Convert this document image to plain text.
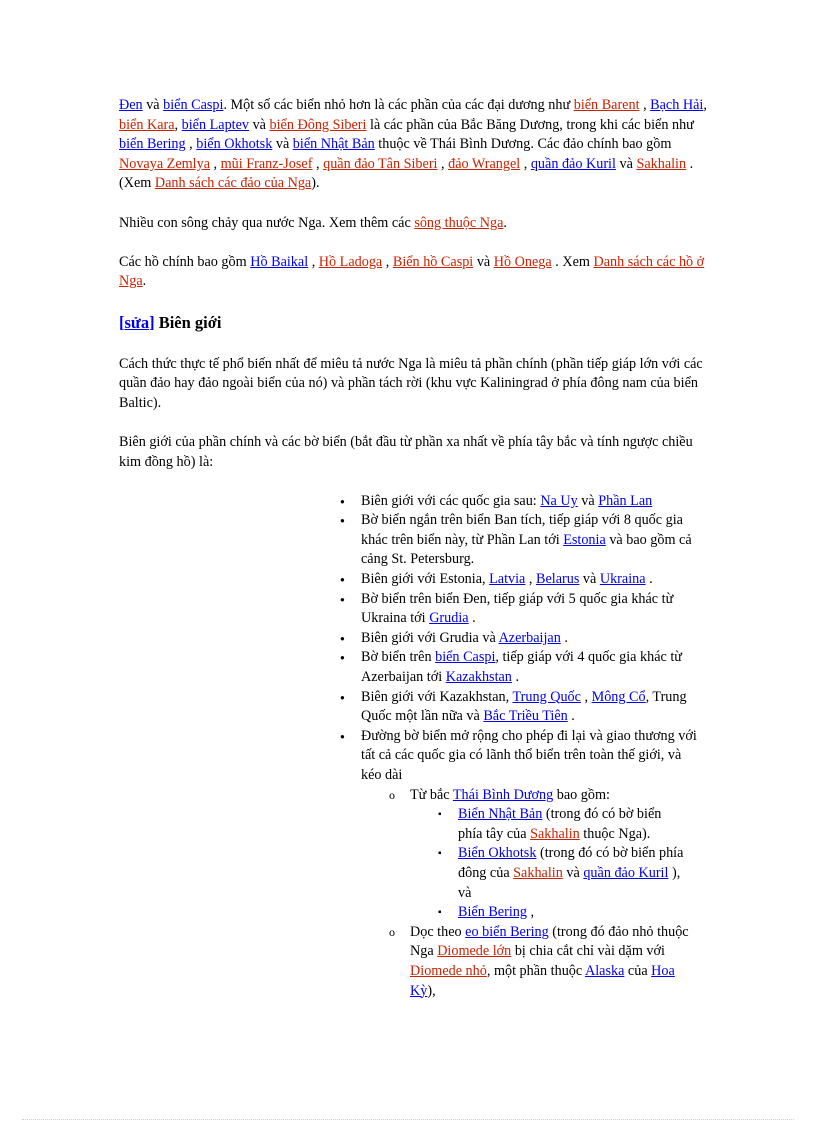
Đen và biển Caspi. Một số các biển nhỏ hơn là các phần của các đại dương như biển Barent , Bạch Hải, biển Kara, biển Laptev và biển Đông Siberi là các phần của Bắc Băng Dương, trong khi các biển như biển Bering , biển Okhotsk và biển Nhật Bản thuộc về Thái Bình Dương. Các đảo chính bao gồm Novaya Zemlya , mũi Franz-Josef , quần đảo Tân Siberi , đảo Wrangel , quần đảo Kuril và Sakhalin . (Xem Danh sách các đảo của Nga).

Nhiều con sông chảy qua nước Nga. Xem thêm các sông thuộc Nga.

Các hồ chính bao gồm Hồ Baikal , Hồ Ladoga , Biển hồ Caspi và Hồ Onega . Xem Danh sách các hồ ở Nga.

[sửa] Biên giới

Cách thức thực tế phổ biến nhất để miêu tả nước Nga là miêu tả phần chính (phần tiếp giáp lớn với các quần đảo hay đảo ngoài biển của nó) và phần tách rời (khu vực Kaliningrad ở phía đông nam của biển Baltic).

Biên giới của phần chính và các bờ biển (bắt đầu từ phần xa nhất về phía tây bắc và tính ngược chiều kim đồng hồ) là:

● Biên giới với các quốc gia sau: Na Uy và Phần Lan
● Bờ biển ngắn trên biển Ban tích, tiếp giáp với 8 quốc gia khác trên biển này, từ Phần Lan tới Estonia và bao gồm cả cảng St. Petersburg.
● Biên giới với Estonia, Latvia , Belarus và Ukraina .
● Bờ biển trên biển Đen, tiếp giáp với 5 quốc gia khác từ Ukraina tới Grudia .
● Biên giới với Grudia và Azerbaijan .
● Bờ biển trên biển Caspi, tiếp giáp với 4 quốc gia khác từ Azerbaijan tới Kazakhstan .
● Biên giới với Kazakhstan, Trung Quốc , Mông Cổ, Trung Quốc một lần nữa và Bắc Triều Tiên .
● Đường bờ biển mở rộng cho phép đi lại và giao thương với tất cả các quốc gia có lãnh thổ biển trên toàn thế giới, và kéo dài
o Từ bắc Thái Bình Dương bao gồm:
▪ Biển Nhật Bản (trong đó có bờ biển phía tây của Sakhalin thuộc Nga).
▪ Biển Okhotsk (trong đó có bờ biển phía đông của Sakhalin và quần đảo Kuril ), và
▪ Biển Bering ,
o Dọc theo eo biển Bering (trong đó đảo nhỏ thuộc Nga Diomede lớn bị chia cắt chỉ vài dặm với Diomede nhỏ, một phần thuộc Alaska của Hoa Kỳ),
